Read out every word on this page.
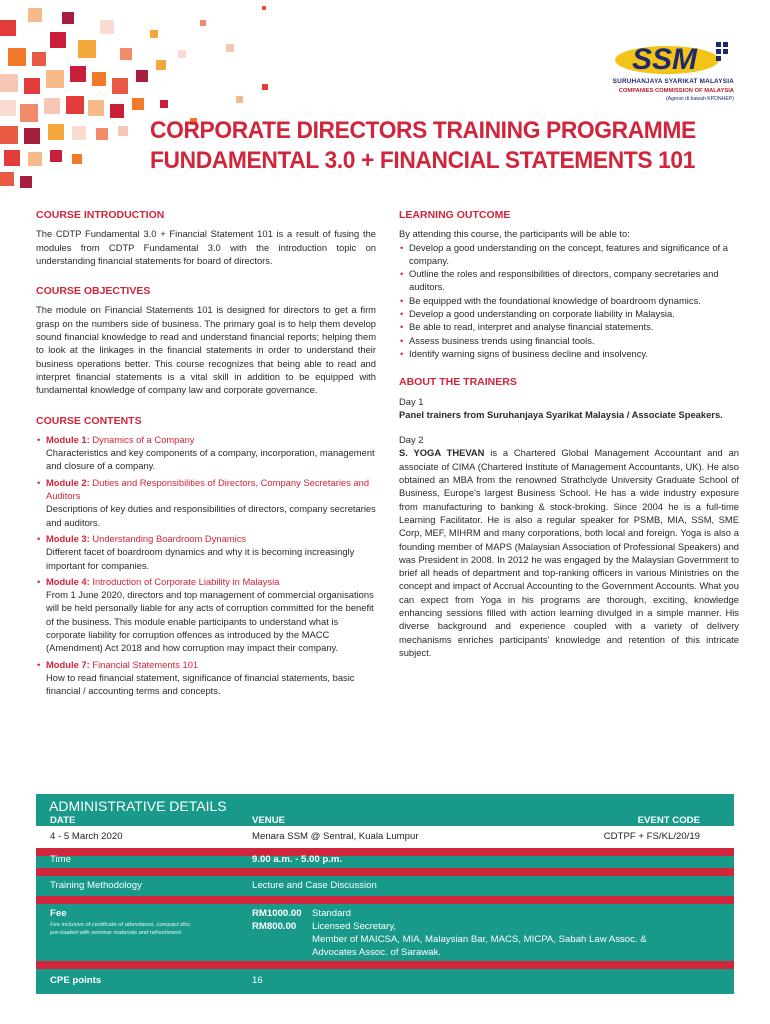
SSM
SURUHANJAYA SYARIKAT MALAYSIA
COMPANIES COMMISSION OF MALAYSIA
(Agensi di bawah KPDNHEP)
CORPORATE DIRECTORS TRAINING PROGRAMME
FUNDAMENTAL 3.0 + FINANCIAL STATEMENTS 101
COURSE INTRODUCTION

The CDTP Fundamental 3.0 + Financial Statement 101 is a result of fusing the modules from CDTP Fundamental 3.0 with the introduction topic on understanding financial statements for board of directors.

COURSE OBJECTIVES

The module on Financial Statements 101 is designed for directors to get a firm grasp on the numbers side of business. The primary goal is to help them develop sound financial knowledge to read and understand financial reports; helping them to look at the linkages in the financial statements in order to understand their business operations better. This course recognizes that being able to read and interpret financial statements is a vital skill in addition to be equipped with fundamental knowledge of company law and corporate governance.

COURSE CONTENTS
• Module 1: Dynamics of a Company
Characteristics and key components of a company, incorporation, management and closure of a company.
• Module 2: Duties and Responsibilities of Directors, Company Secretaries and Auditors
Descriptions of key duties and responsibilities of directors, company secretaries and auditors.
• Module 3: Understanding Boardroom Dynamics
Different facet of boardroom dynamics and why it is becoming increasingly important for companies.
• Module 4: Introduction of Corporate Liability in Malaysia
From 1 June 2020, directors and top management of commercial organisations will be held personally liable for any acts of corruption committed for the benefit of the business. This module enable participants to understand what is corporate liability for corruption offences as introduced by the MACC (Amendment) Act 2018 and how corruption may impact their company.
• Module 7: Financial Statements 101
How to read financial statement, significance of financial statements, basic financial / accounting terms and concepts.
LEARNING OUTCOME
By attending this course, the participants will be able to:
• Develop a good understanding on the concept, features and significance of a company.
• Outline the roles and responsibilities of directors, company secretaries and auditors.
• Be equipped with the foundational knowledge of boardroom dynamics.
• Develop a good understanding on corporate liability in Malaysia.
• Be able to read, interpret and analyse financial statements.
• Assess business trends using financial tools.
• Identify warning signs of business decline and insolvency.
ABOUT THE TRAINERS
Day 1
Panel trainers from Suruhanjaya Syarikat Malaysia / Associate Speakers.
Day 2

S. YOGA THEVAN is a Chartered Global Management Accountant and an associate of CIMA (Chartered Institute of Management Accountants, UK). He also obtained an MBA from the renowned Strathclyde University Graduate School of Business, Europe's largest Business School. He has a wide industry exposure from manufacturing to banking & stock-broking. Since 2004 he is a full-time Learning Facilitator. He is also a regular speaker for PSMB, MIA, SSM, SME Corp, MEF, MIHRM and many corporations, both local and foreign. Yoga is also a founding member of MAPS (Malaysian Association of Professional Speakers) and was President in 2008. In 2012 he was engaged by the Malaysian Government to brief all heads of department and top-ranking officers in various Ministries on the concept and impact of Accrual Accounting to the Government Accounts. What you can expect from Yoga in his programs are thorough, exciting, knowledge enhancing sessions filled with action learning divulged in a simple manner. His diverse background and experience coupled with a variety of delivery mechanisms enriches participants' knowledge and retention of this intricate subject.

ADMINISTRATIVE DETAILS
DATE	VENUE	EVENT CODE
4 - 5 March 2020	Menara SSM @ Sentral, Kuala Lumpur	CDTPF + FS/KL/20/19
Time	9.00 a.m. - 5.00 p.m.
Training Methodology	Lecture and Case Discussion
Fee
Fee inclusive of certificate of attendance, compact disc pre-loaded with seminar materials and refreshment.
RM1000.00 Standard
RM800.00 Licensed Secretary,
Member of MAICSA, MIA, Malaysian Bar, MACS, MICPA, Sabah Law Assoc. &
Advocates Assoc. of Sarawak.
CPE points	16
